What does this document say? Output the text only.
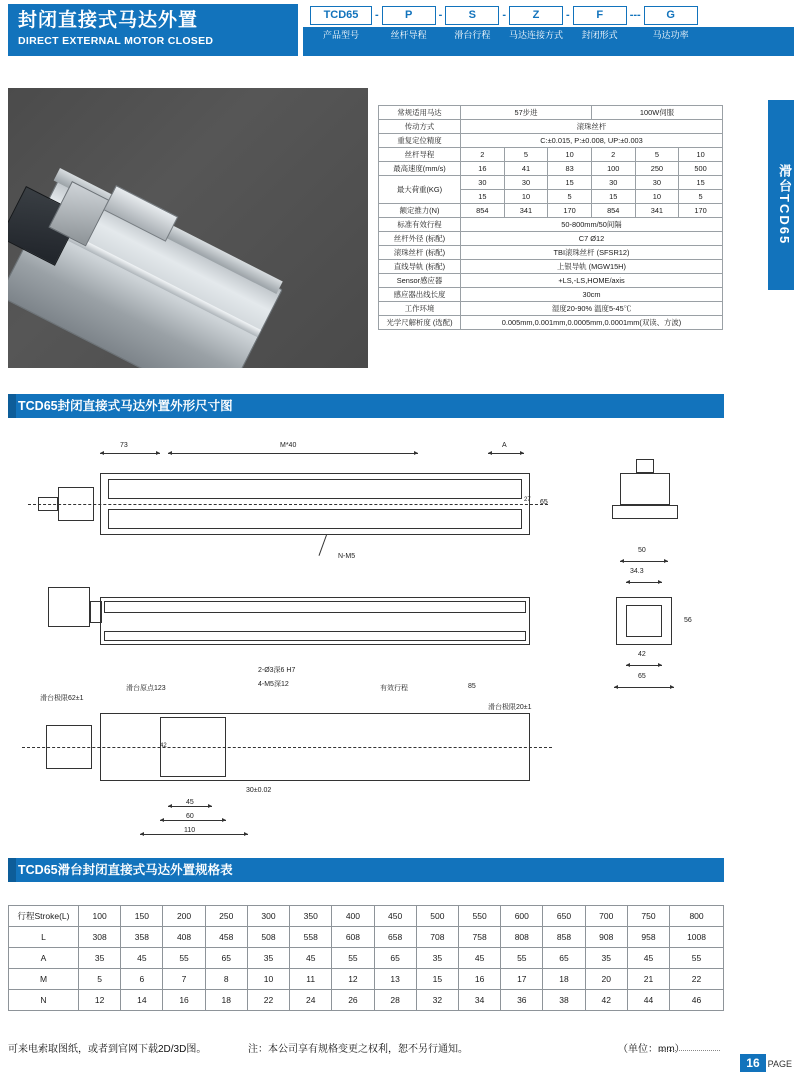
封闭直接式马达外置
DIRECT EXTERNAL MOTOR CLOSED
TCD65
产品型号
-	P
丝杆导程
-	S
滑台行程
-	Z
马达连接方式
-	F
封闭形式
---	G
马达功率
滑台TCD65
常规适用马达	57步进			100W伺服		
传动方式	滚珠丝杆					
重复定位精度	C:±0.015, P:±0.008, UP:±0.003					
丝杆导程	2	5	10	2	5	10
最高速度(mm/s)	16	41	83	100	250	500
最大荷重(KG)	30	30	15	30	30	15
	15	10	5	15	10	5
额定推力(N)	854	341	170	854	341	170
标准有效行程	50-800mm/50间隔					
丝杆外径 (标配)	C7 Ø12					
滚珠丝杆 (标配)	TBI滚珠丝杆 (SFSR12)					
直线导轨 (标配)	上银导轨 (MGW15H)					
Sensor感应器	+LS,-LS,HOME/axis					
感应器出线长度	30cm					
工作环境	湿度20-90% 温度5-45℃					
光学尺解析度 (选配)	0.005mm,0.001mm,0.0005mm,0.0001mm(双读、方波)					
TCD65封闭直接式马达外置外形尺寸图
73	M*40	A
65
27
N-M5
滑台极限62±1
滑台原点123
2-Ø3深6 H7
4-M5深12
有效行程	85
滑台极限20±1
42
30±0.02
45
60
110
50
34.3
56
42
65
TCD65滑台封闭直接式马达外置规格表
行程Stroke(L)	100	150	200	250	300	350	400	450	500	550	600	650	700	750	800
L	308	358	408	458	508	558	608	658	708	758	808	858	908	958	1008
A	35	45	55	65	35	45	55	65	35	45	55	65	35	45	55
M	5	6	7	8	10	11	12	13	15	16	17	18	20	21	22
N	12	14	16	18	22	24	26	28	32	34	36	38	42	44	46
可来电索取图纸，或者到官网下载2D/3D图。	注：本公司享有规格变更之权利，恕不另行通知。	（单位：mm）
16 PAGE
